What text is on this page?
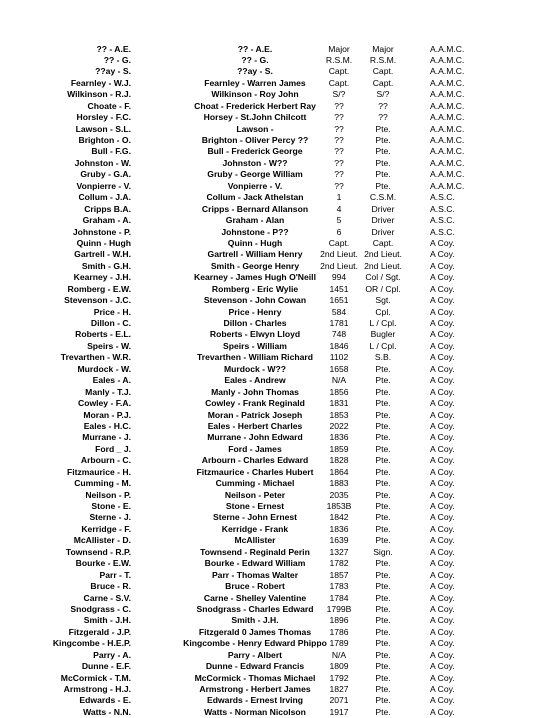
?? - A.E.	?? - A.E.	Major	Major	A.A.M.C.
?? - G.	?? - G.	R.S.M.	R.S.M.	A.A.M.C.
??ay - S.	??ay - S.	Capt.	Capt.	A.A.M.C.
Fearnley - W.J.	Fearnley - Warren James	Capt.	Capt.	A.A.M.C.
Wilkinson - R.J.	Wilkinson - Roy John	S/?	S/?	A.A.M.C.
Choate - F.	Choat - Frederick Herbert Ray	??	??	A.A.M.C.
Horsley - F.C.	Horsey - St.John Chilcott	??	??	A.A.M.C.
Lawson - S.L.	Lawson -	??	Pte.	A.A.M.C.
Brighton - O.	Brighton - Oliver Percy ??	??	Pte.	A.A.M.C.
Bull - F.G.	Bull - Frederick George	??	Pte.	A.A.M.C.
Johnston - W.	Johnston - W??	??	Pte.	A.A.M.C.
Gruby - G.A.	Gruby - George William	??	Pte.	A.A.M.C.
Vonpierre - V.	Vonpierre - V.	??	Pte.	A.A.M.C.
Collum - J.A.	Collum - Jack Athelstan	1	C.S.M.	A.S.C.
Cripps B.A.	Cripps - Bernard Allanson	4	Driver	A.S.C.
Graham - A.	Graham - Alan	5	Driver	A.S.C.
Johnstone - P.	Johnstone - P??	6	Driver	A.S.C.
Quinn - Hugh	Quinn - Hugh	Capt.	Capt.	A Coy.
Gartrell - W.H.	Gartrell - William Henry	2nd Lieut. 2nd Lieut.	A Coy.
Smith - G.H.	Smith - George Henry	2nd Lieut. 2nd Lieut.	A Coy.
Kearney - J.H.	Kearney - James Hugh O'Neill	994	Col / Sgt.	A Coy.
Romberg - E.W.	Romberg - Eric Wylie	1451	OR / Cpl.	A Coy.
Stevenson - J.C.	Stevenson - John Cowan	1651	Sgt.	A Coy.
Price - H.	Price - Henry	584	Cpl.	A Coy.
Dillon - C.	Dillon - Charles	1781	L / Cpl.	A Coy.
Roberts - E.L.	Roberts - Elwyn Lloyd	748	Bugler	A Coy.
Speirs - W.	Speirs - William	1846	L / Cpl.	A Coy.
Trevarthen - W.R.	Trevarthen - William Richard	1102	S.B.	A Coy.
Murdock - W.	Murdock - W??	1658	Pte.	A Coy.
Eales - A.	Eales - Andrew	N/A	Pte.	A Coy.
Manly - T.J.	Manly - John Thomas	1856	Pte.	A Coy.
Cowley - F.A.	Cowley - Frank Reginald	1831	Pte.	A Coy.
Moran - P.J.	Moran - Patrick Joseph	1853	Pte.	A Coy.
Eales - H.C.	Eales - Herbert Charles	2022	Pte.	A Coy.
Murrane - J.	Murrane - John Edward	1836	Pte.	A Coy.
Ford _ J.	Ford - James	1859	Pte.	A Coy.
Arbourn - C.	Arbourn - Charles Edward	1828	Pte.	A Coy.
Fitzmaurice - H.	Fitzmaurice - Charles Hubert	1864	Pte.	A Coy.
Cumming - M.	Cumming - Michael	1883	Pte.	A Coy.
Neilson - P.	Neilson - Peter	2035	Pte.	A Coy.
Stone - E.	Stone - Ernest	1853B	Pte.	A Coy.
Sterne - J.	Sterne - John Ernest	1842	Pte.	A Coy.
Kerridge - F.	Kerridge - Frank	1836	Pte.	A Coy.
McAllister - D.	McAllister	1639	Pte.	A Coy.
Townsend - R.P.	Townsend - Reginald Perin	1327	Sign.	A Coy.
Bourke - E.W.	Bourke - Edward William	1782	Pte.	A Coy.
Parr - T.	Parr - Thomas Walter	1857	Pte.	A Coy.
Bruce - R.	Bruce - Robert	1783	Pte.	A Coy.
Carne - S.V.	Carne - Shelley Valentine	1784	Pte.	A Coy.
Snodgrass - C.	Snodgrass - Charles Edward	1799B	Pte.	A Coy.
Smith - J.H.	Smith - J.H.	1896	Pte.	A Coy.
Fitzgerald - J.P.	Fitzgerald 0 James Thomas	1786	Pte.	A Coy.
Kingcombe - H.E.P.	Kingcombe - Henry Edward Phippo 1789	Pte.	A Coy.
Parry - A.	Parry - Albert	N/A	Pte.	A Coy.
Dunne - E.F.	Dunne - Edward Francis	1809	Pte.	A Coy.
McCormick - T.M.	McCormick - Thomas Michael	1792	Pte.	A Coy.
Armstrong - H.J.	Armstrong - Herbert James	1827	Pte.	A Coy.
Edwards - E.	Edwards - Ernest Irving	2071	Pte.	A Coy.
Watts - N.N.	Watts - Norman Nicolson	1917	Pte.	A Coy.
